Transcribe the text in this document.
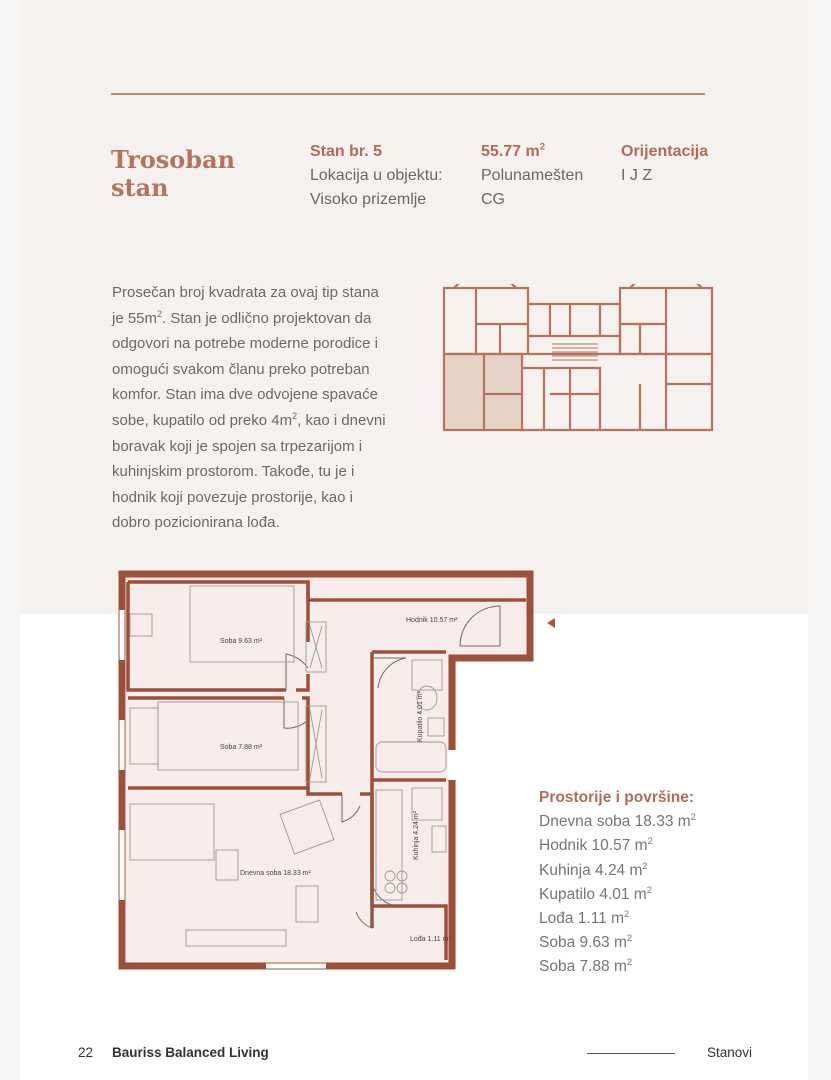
Trosoban
stan
Stan br. 5
Lokacija u objektu:
Visoko prizemlje
55.77 $m^2$
Polunamešten
CG
Orijentacija
I J Z
Prosečan broj kvadrata za ovaj tip stana je $55m^2$. Stan je odlično projektovan da odgovori na potrebe moderne porodice i omogući svakom članu preko potreban komfor. Stan ima dve odvojene spavaće sobe, kupatilo od preko $4m^2$, kao i dnevni boravak koji je spojen sa trpezarijom i kuhinjskim prostorom. Takođe, tu je i hodnik koji povezuje prostorije, kao i dobro pozicionirana lođa.
Soba 9.63 m²
Soba 7.88 m²
Dnevna soba 18.33 m²
Hodnik 10.57 m²
Lođa 1.11 m²
Kupatilo 4.01 m²
Kuhinja 4.24 m²
Prostorije i površine:
Dnevna soba 18.33 $m^2$
Hodnik 10.57 $m^2$
Kuhinja 4.24 $m^2$
Kupatilo 4.01 $m^2$
Lođa 1.11 $m^2$
Soba 9.63 $m^2$
Soba 7.88 $m^2$
22 Bauriss Balanced Living	Stanovi
